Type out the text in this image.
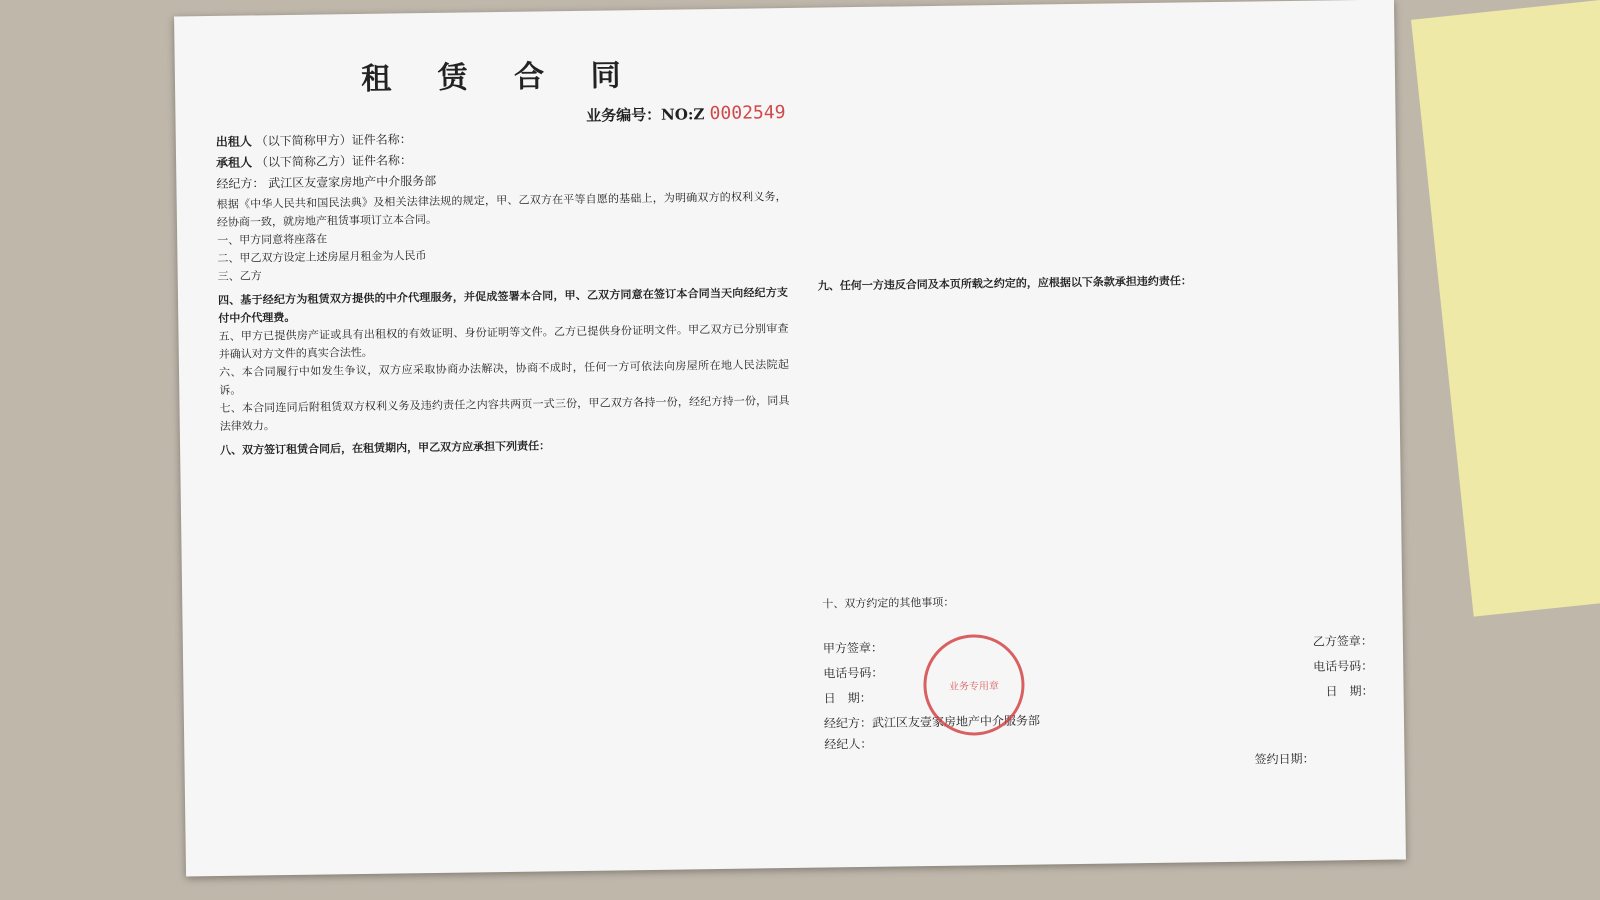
租 赁 合 同
业务编号：NO:Z 0002549
出租人 （以下简称甲方）证件名称：
承租人 （以下简称乙方）证件名称：
经纪方： 武江区友壹家房地产中介服务部
根据《中华人民共和国民法典》及相关法律法规的规定，甲、乙双方在平等自愿的基础上，为明确双方的权利义务，经协商一致，就房地产租赁事项订立本合同。
一、甲方同意将座落在
二、甲乙双方设定上述房屋月租金为人民币
三、乙方
四、基于经纪方为租赁双方提供的中介代理服务，并促成签署本合同，甲、乙双方同意在签订本合同当天向经纪方支付中介代理费。
五、甲方已提供房产证或具有出租权的有效证明、身份证明等文件。乙方已提供身份证明文件。甲乙双方已分别审查并确认对方文件的真实合法性。
六、本合同履行中如发生争议，双方应采取协商办法解决，协商不成时，任何一方可依法向房屋所在地人民法院起诉。
七、本合同连同后附租赁双方权利义务及违约责任之内容共两页一式三份，甲乙双方各持一份，经纪方持一份，同具法律效力。
八、双方签订租赁合同后，在租赁期内，甲乙双方应承担下列责任：
九、任何一方违反合同及本页所载之约定的，应根据以下条款承担违约责任：
十、双方约定的其他事项：
甲方签章：	乙方签章：
电话号码：	电话号码：
日　期：	日　期：
经纪方：武江区友壹家房地产中介服务部
经纪人：
签约日期：
业务专用章
